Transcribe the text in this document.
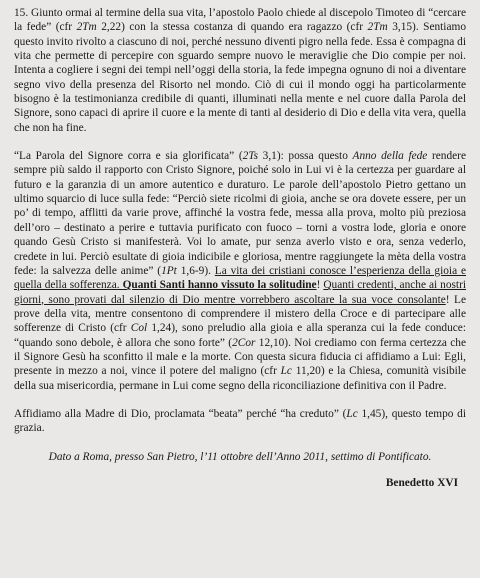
15. Giunto ormai al termine della sua vita, l’apostolo Paolo chiede al discepolo Timoteo di “cercare la fede” (cfr 2Tm 2,22) con la stessa costanza di quando era ragazzo (cfr 2Tm 3,15). Sentiamo questo invito rivolto a ciascuno di noi, perché nessuno diventi pigro nella fede. Essa è compagna di vita che permette di percepire con sguardo sempre nuovo le meraviglie che Dio compie per noi. Intenta a cogliere i segni dei tempi nell’oggi della storia, la fede impegna ognuno di noi a diventare segno vivo della presenza del Risorto nel mondo. Ciò di cui il mondo oggi ha particolarmente bisogno è la testimonianza credibile di quanti, illuminati nella mente e nel cuore dalla Parola del Signore, sono capaci di aprire il cuore e la mente di tanti al desiderio di Dio e della vita vera, quella che non ha fine.

“La Parola del Signore corra e sia glorificata” (2Ts 3,1): possa questo Anno della fede rendere sempre più saldo il rapporto con Cristo Signore, poiché solo in Lui vi è la certezza per guardare al futuro e la garanzia di un amore autentico e duraturo. Le parole dell’apostolo Pietro gettano un ultimo squarcio di luce sulla fede: “Perciò siete ricolmi di gioia, anche se ora dovete essere, per un po’ di tempo, afflitti da varie prove, affinché la vostra fede, messa alla prova, molto più preziosa dell’oro – destinato a perire e tuttavia purificato con fuoco – torni a vostra lode, gloria e onore quando Gesù Cristo si manifesterà. Voi lo amate, pur senza averlo visto e ora, senza vederlo, credete in lui. Perciò esultate di gioia indicibile e gloriosa, mentre raggiungete la mèta della vostra fede: la salvezza delle anime” (1Pt 1,6-9). La vita dei cristiani conosce l’esperienza della gioia e quella della sofferenza. Quanti Santi hanno vissuto la solitudine! Quanti credenti, anche ai nostri giorni, sono provati dal silenzio di Dio mentre vorrebbero ascoltare la sua voce consolante! Le prove della vita, mentre consentono di comprendere il mistero della Croce e di partecipare alle sofferenze di Cristo (cfr Col 1,24), sono preludio alla gioia e alla speranza cui la fede conduce: “quando sono debole, è allora che sono forte” (2Cor 12,10). Noi crediamo con ferma certezza che il Signore Gesù ha sconfitto il male e la morte. Con questa sicura fiducia ci affidiamo a Lui: Egli, presente in mezzo a noi, vince il potere del maligno (cfr Lc 11,20) e la Chiesa, comunità visibile della sua misericordia, permane in Lui come segno della riconciliazione definitiva con il Padre.

Affidiamo alla Madre di Dio, proclamata “beata” perché “ha creduto” (Lc 1,45), questo tempo di grazia.

Dato a Roma, presso San Pietro, l’11 ottobre dell’Anno 2011, settimo di Pontificato.

Benedetto XVI
